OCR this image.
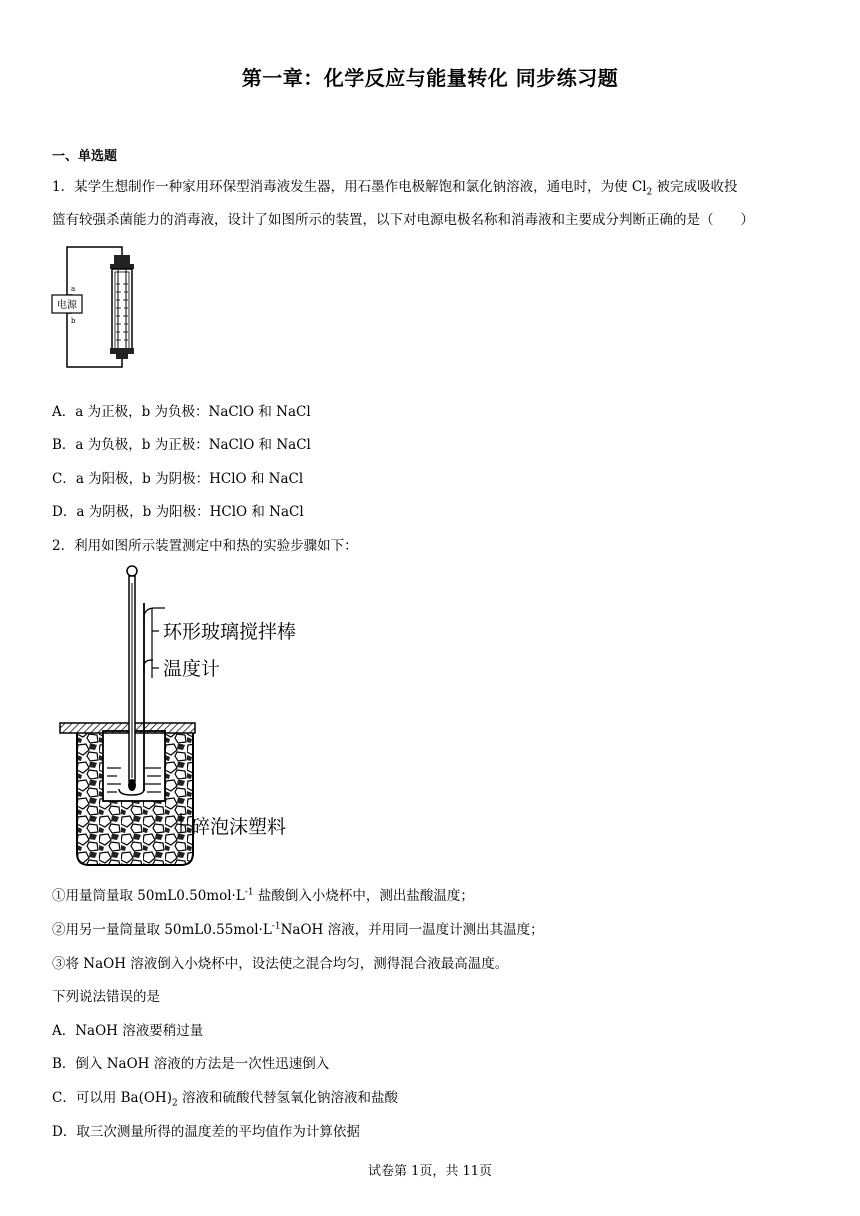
第一章：化学反应与能量转化 同步练习题
一、单选题
1．某学生想制作一种家用环保型消毒液发生器，用石墨作电极解饱和氯化钠溶液，通电时，为使 $Cl_2$ 被完成吸收投
篮有较强杀菌能力的消毒液，设计了如图所示的装置，以下对电源电极名称和消毒液和主要成分判断正确的是（　　）
电源
a
b
A．a 为正极，b 为负极：NaClO 和 NaCl
B．a 为负极，b 为正极：NaClO 和 NaCl
C．a 为阳极，b 为阴极：HClO 和 NaCl
D．a 为阴极，b 为阳极：HClO 和 NaCl
2．利用如图所示装置测定中和热的实验步骤如下：
环形玻璃搅拌棒
温度计
碎泡沫塑料
①用量筒量取 $50mL0.50mol\cdot L^{-1}$ 盐酸倒入小烧杯中，测出盐酸温度；
②用另一量筒量取 $50mL0.55mol\cdot L^{-1}NaOH$ 溶液，并用同一温度计测出其温度；
③将 NaOH 溶液倒入小烧杯中，设法使之混合均匀，测得混合液最高温度。
下列说法错误的是
A．NaOH 溶液要稍过量
B．倒入 NaOH 溶液的方法是一次性迅速倒入
C．可以用 $Ba(OH)_2$ 溶液和硫酸代替氢氧化钠溶液和盐酸
D．取三次测量所得的温度差的平均值作为计算依据
试卷第 1页，共 11页
